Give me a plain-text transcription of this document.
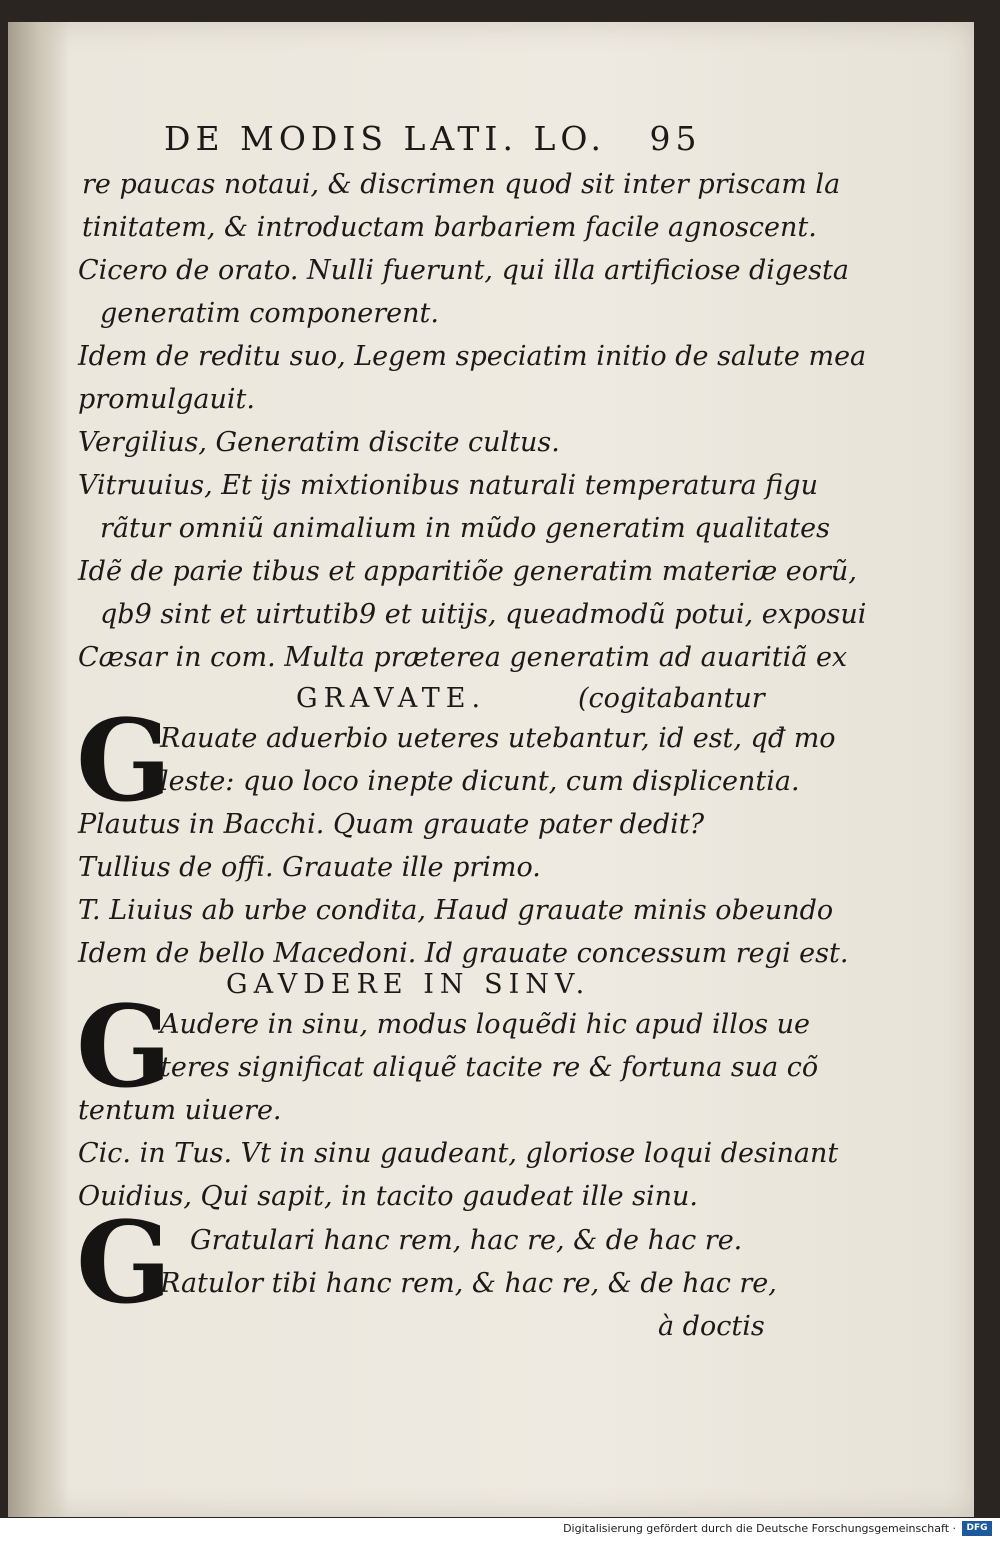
DE MODIS LATI. LO. 95
re paucas notaui, & discrimen quod sit inter priscam la
tinitatem, & introductam barbariem facile agnoscent.
Cicero de orato. Nulli fuerunt, qui illa artificiose digesta
generatim componerent.
Idem de reditu suo, Legem speciatim initio de salute mea
promulgauit.
Vergilius, Generatim discite cultus.
Vitruuius, Et ijs mixtionibus naturali temperatura figu
rãtur omniũ animalium in mũdo generatim qualitates
Idẽ de parie tibus et apparitiõe generatim materiæ eorũ,
qb9 sint et uirtutib9 et uitijs, queadmodũ potui, exposui
Cæsar in com. Multa præterea generatim ad auaritiã ex
GRAVATE.	(cogitabantur
G
Rauate aduerbio ueteres utebantur, id est, qđ mo
leste: quo loco inepte dicunt, cum displicentia.
Plautus in Bacchi. Quam grauate pater dedit?
Tullius de offi. Grauate ille primo.
T. Liuius ab urbe condita, Haud grauate minis obeundo
Idem de bello Macedoni. Id grauate concessum regi est.
GAVDERE IN SINV.
G
Audere in sinu, modus loquẽdi hic apud illos ue
teres significat aliquẽ tacite re & fortuna sua cõ
tentum uiuere.
Cic. in Tus. Vt in sinu gaudeant, gloriose loqui desinant
Ouidius, Qui sapit, in tacito gaudeat ille sinu.
G Gratulari hanc rem, hac re, & de hac re.
Ratulor tibi hanc rem, & hac re, & de hac re,
à doctis
Digitalisierung gefördert durch die Deutsche Forschungsgemeinschaft ·	DFG
